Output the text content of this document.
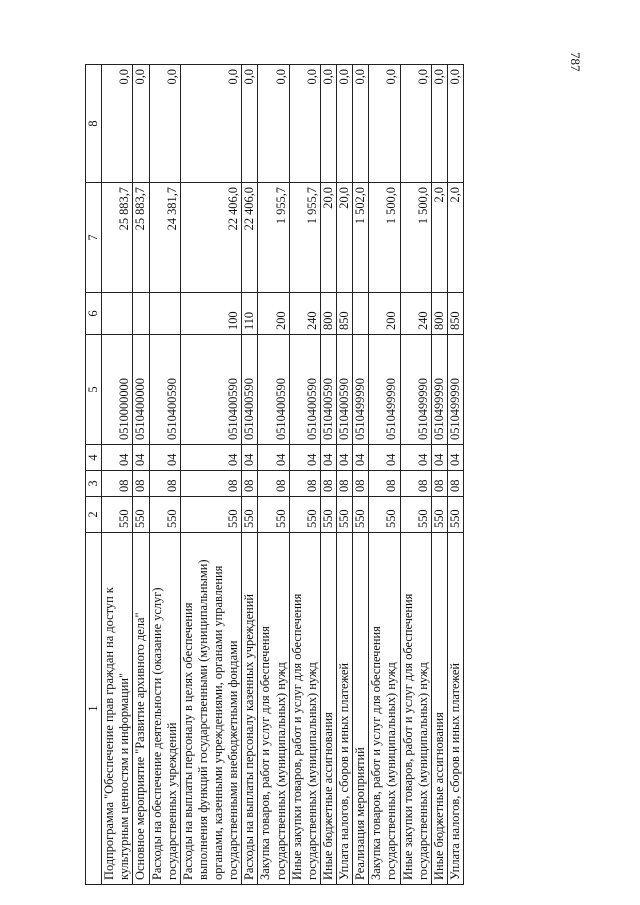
787
1	2	3	4	5	6	7	8
Подпрограмма "Обеспечение прав граждан на доступ к культурным ценностям и информации"	550	08	04	0510000000		25 883,7	0,0
Основное мероприятие "Развитие архивного дела"	550	08	04	0510400000		25 883,7	0,0
Расходы на обеспечение деятельности (оказание услуг) государственных учреждений	550	08	04	0510400590		24 381,7	0,0
Расходы на выплаты персоналу в целях обеспечения выполнения функций государственными (муниципальными) органами, казенными учреждениями, органами управления государственными внебюджетными фондами	550	08	04	0510400590	100	22 406,0	0,0
Расходы на выплаты персоналу казенных учреждений	550	08	04	0510400590	110	22 406,0	0,0
Закупка товаров, работ и услуг для обеспечения государственных (муниципальных) нужд	550	08	04	0510400590	200	1 955,7	0,0
Иные закупки товаров, работ и услуг для обеспечения государственных (муниципальных) нужд	550	08	04	0510400590	240	1 955,7	0,0
Иные бюджетные ассигнования	550	08	04	0510400590	800	20,0	0,0
Уплата налогов, сборов и иных платежей	550	08	04	0510400590	850	20,0	0,0
Реализация мероприятий	550	08	04	0510499990		1 502,0	0,0
Закупка товаров, работ и услуг для обеспечения государственных (муниципальных) нужд	550	08	04	0510499990	200	1 500,0	0,0
Иные закупки товаров, работ и услуг для обеспечения государственных (муниципальных) нужд	550	08	04	0510499990	240	1 500,0	0,0
Иные бюджетные ассигнования	550	08	04	0510499990	800	2,0	0,0
Уплата налогов, сборов и иных платежей	550	08	04	0510499990	850	2,0	0,0
